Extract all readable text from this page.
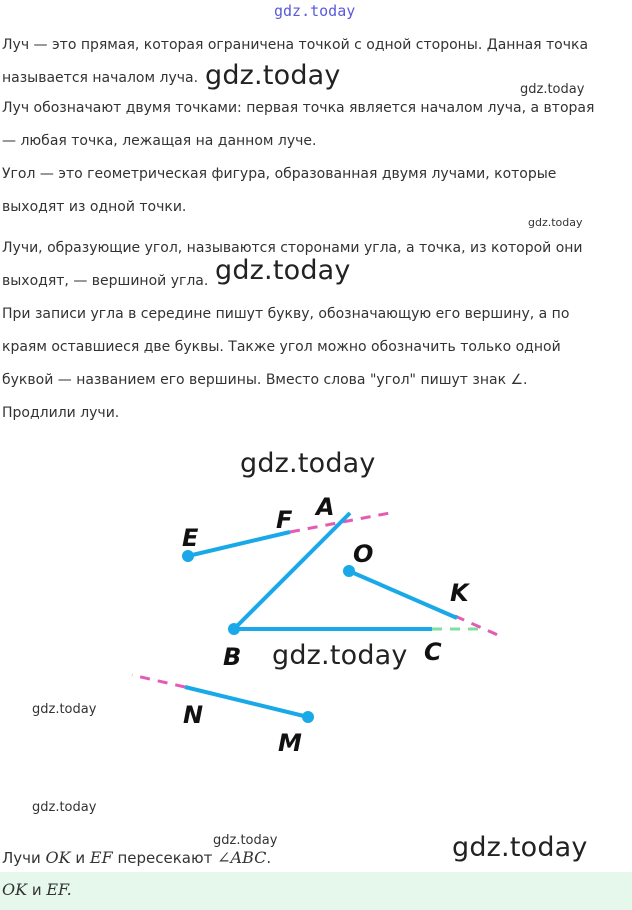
gdz.today
Луч — это прямая, которая ограничена точкой с одной стороны. Данная точка
называется началом луча.
Луч обозначают двумя точками: первая точка является началом луча, а вторая
— любая точка, лежащая на данном луче.
Угол — это геометрическая фигура, образованная двумя лучами, которые
выходят из одной точки.
Лучи, образующие угол, называются сторонами угла, а точка, из которой они
выходят, — вершиной угла.
При записи угла в середине пишут букву, обозначающую его вершину, а по
краям оставшиеся две буквы. Также угол можно обозначить только одной
буквой — названием его вершины. Вместо слова "угол" пишут знак ∠.
Продлили лучи.
gdz.today	gdz.today
gdz.today
gdz.today
gdz.today
gdz.today
gdz.today
gdz.today
gdz.today	gdz.today
E
F A
O
K
B	C
N
M
Лучи OK и EF пересекают ∠ABC.
OK и EF.
